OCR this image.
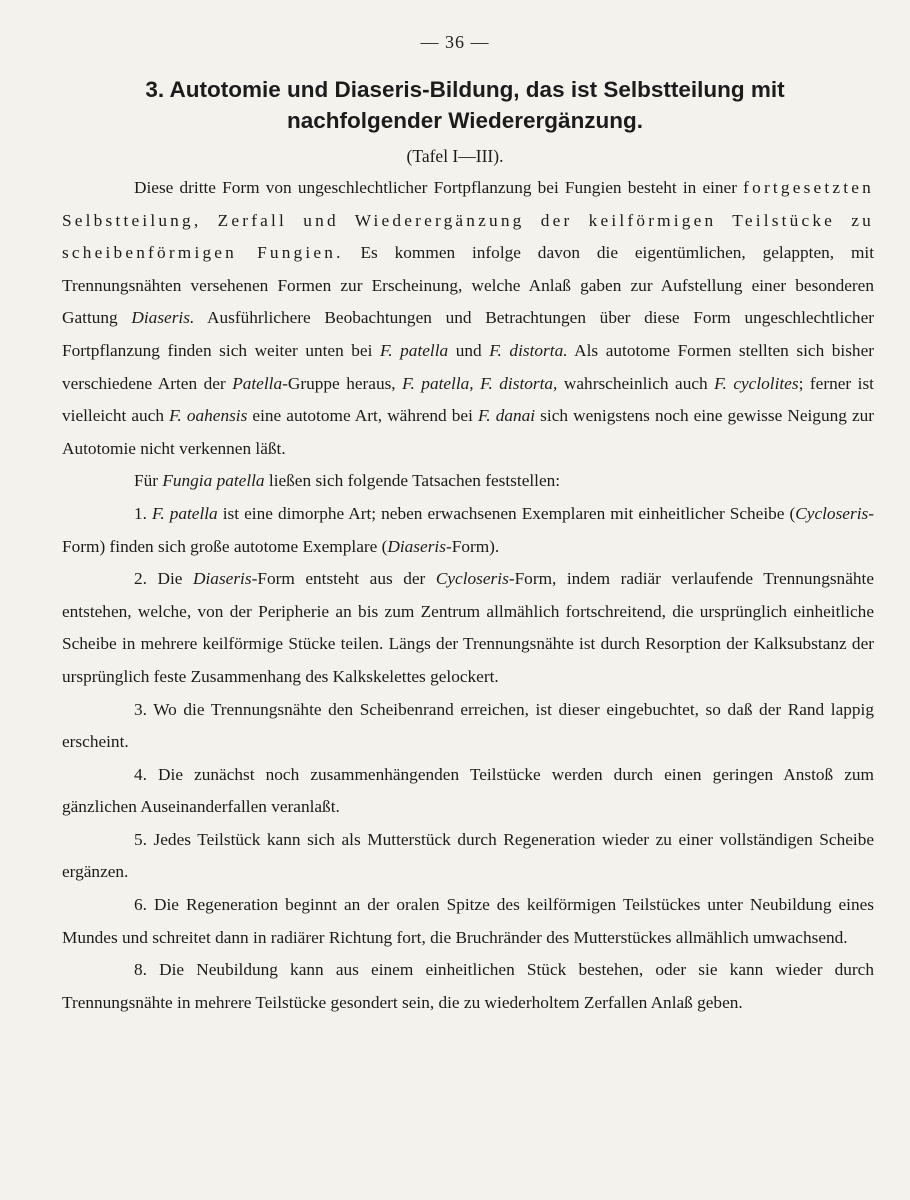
— 36 —
3. Autotomie und Diaseris-Bildung, das ist Selbstteilung mit
nachfolgender Wiederergänzung.
(Tafel I—III).

Diese dritte Form von ungeschlechtlicher Fortpflanzung bei Fungien besteht in einer fortgesetzten Selbstteilung, Zerfall und Wiederergänzung der keilförmigen Teilstücke zu scheibenförmigen Fungien. Es kommen infolge davon die eigentümlichen, gelappten, mit Trennungsnähten versehenen Formen zur Erscheinung, welche Anlaß gaben zur Aufstellung einer besonderen Gattung Diaseris. Ausführlichere Beobachtungen und Betrachtungen über diese Form ungeschlechtlicher Fortpflanzung finden sich weiter unten bei F. patella und F. distorta. Als autotome Formen stellten sich bisher verschiedene Arten der Patella-Gruppe heraus, F. patella, F. distorta, wahrscheinlich auch F. cyclolites; ferner ist vielleicht auch F. oahensis eine autotome Art, während bei F. danai sich wenigstens noch eine gewisse Neigung zur Autotomie nicht verkennen läßt.

Für Fungia patella ließen sich folgende Tatsachen feststellen:

1. F. patella ist eine dimorphe Art; neben erwachsenen Exemplaren mit einheitlicher Scheibe (Cycloseris-Form) finden sich große autotome Exemplare (Diaseris-Form).

2. Die Diaseris-Form entsteht aus der Cycloseris-Form, indem radiär verlaufende Trennungsnähte entstehen, welche, von der Peripherie an bis zum Zentrum allmählich fortschreitend, die ursprünglich einheitliche Scheibe in mehrere keilförmige Stücke teilen. Längs der Trennungsnähte ist durch Resorption der Kalksubstanz der ursprünglich feste Zusammenhang des Kalkskelettes gelockert.

3. Wo die Trennungsnähte den Scheibenrand erreichen, ist dieser eingebuchtet, so daß der Rand lappig erscheint.

4. Die zunächst noch zusammenhängenden Teilstücke werden durch einen geringen Anstoß zum gänzlichen Auseinanderfallen veranlaßt.

5. Jedes Teilstück kann sich als Mutterstück durch Regeneration wieder zu einer vollständigen Scheibe ergänzen.

6. Die Regeneration beginnt an der oralen Spitze des keilförmigen Teilstückes unter Neubildung eines Mundes und schreitet dann in radiärer Richtung fort, die Bruchränder des Mutterstückes allmählich umwachsend.

8. Die Neubildung kann aus einem einheitlichen Stück bestehen, oder sie kann wieder durch Trennungsnähte in mehrere Teilstücke gesondert sein, die zu wiederholtem Zerfallen Anlaß geben.
